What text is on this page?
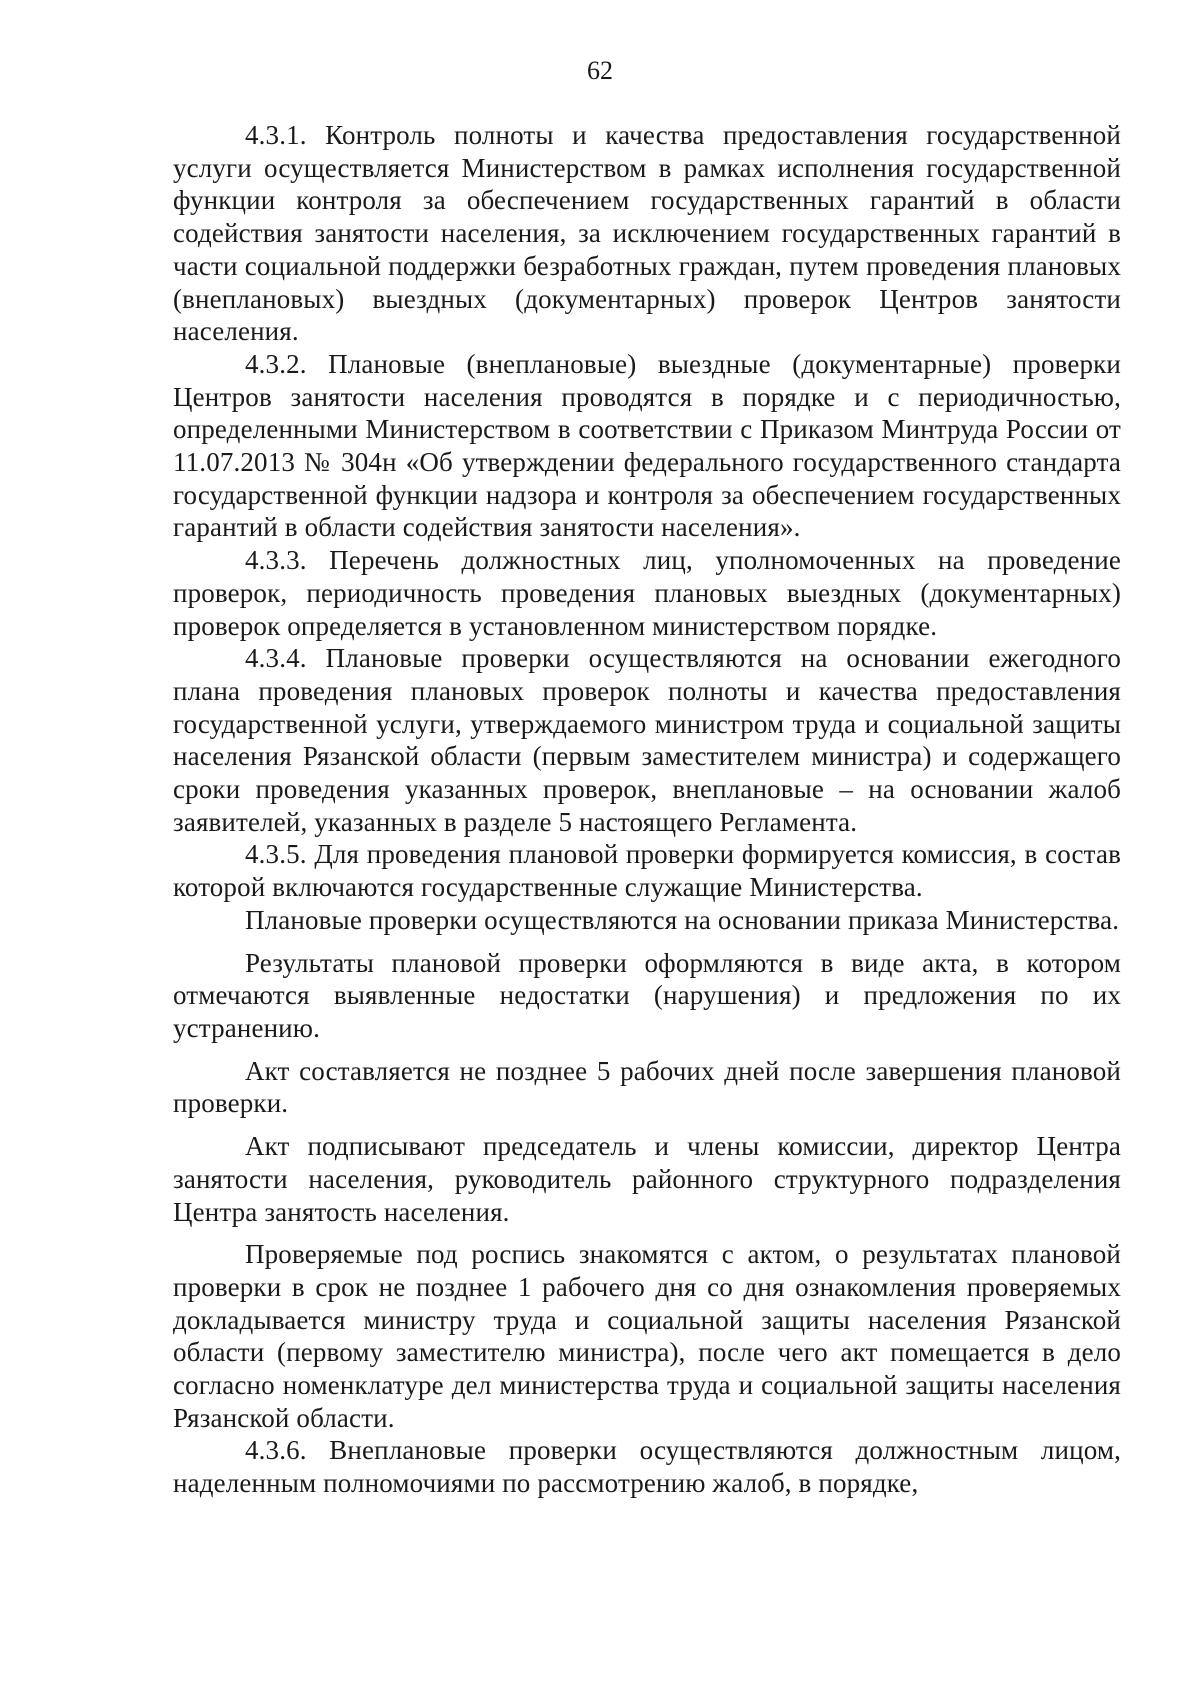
62

4.3.1. Контроль полноты и качества предоставления государственной услуги осуществляется Министерством в рамках исполнения государственной функции контроля за обеспечением государственных гарантий в области содействия занятости населения, за исключением государственных гарантий в части социальной поддержки безработных граждан, путем проведения плановых (внеплановых) выездных (документарных) проверок Центров занятости населения.

4.3.2. Плановые (внеплановые) выездные (документарные) проверки Центров занятости населения проводятся в порядке и с периодичностью, определенными Министерством в соответствии с Приказом Минтруда России от 11.07.2013 № 304н «Об утверждении федерального государственного стандарта государственной функции надзора и контроля за обеспечением государственных гарантий в области содействия занятости населения».

4.3.3. Перечень должностных лиц, уполномоченных на проведение проверок, периодичность проведения плановых выездных (документарных) проверок определяется в установленном министерством порядке.

4.3.4. Плановые проверки осуществляются на основании ежегодного плана проведения плановых проверок полноты и качества предоставления государственной услуги, утверждаемого министром труда и социальной защиты населения Рязанской области (первым заместителем министра) и содержащего сроки проведения указанных проверок, внеплановые – на основании жалоб заявителей, указанных в разделе 5 настоящего Регламента.

4.3.5. Для проведения плановой проверки формируется комиссия, в состав которой включаются государственные служащие Министерства.

Плановые проверки осуществляются на основании приказа Министерства.

Результаты плановой проверки оформляются в виде акта, в котором отмечаются выявленные недостатки (нарушения) и предложения по их устранению.

Акт составляется не позднее 5 рабочих дней после завершения плановой проверки.

Акт подписывают председатель и члены комиссии, директор Центра занятости населения, руководитель районного структурного подразделения Центра занятость населения.

Проверяемые под роспись знакомятся с актом, о результатах плановой проверки в срок не позднее 1 рабочего дня со дня ознакомления проверяемых докладывается министру труда и социальной защиты населения Рязанской области (первому заместителю министра), после чего акт помещается в дело согласно номенклатуре дел министерства труда и социальной защиты населения Рязанской области.

4.3.6. Внеплановые проверки осуществляются должностным лицом, наделенным полномочиями по рассмотрению жалоб, в порядке,
